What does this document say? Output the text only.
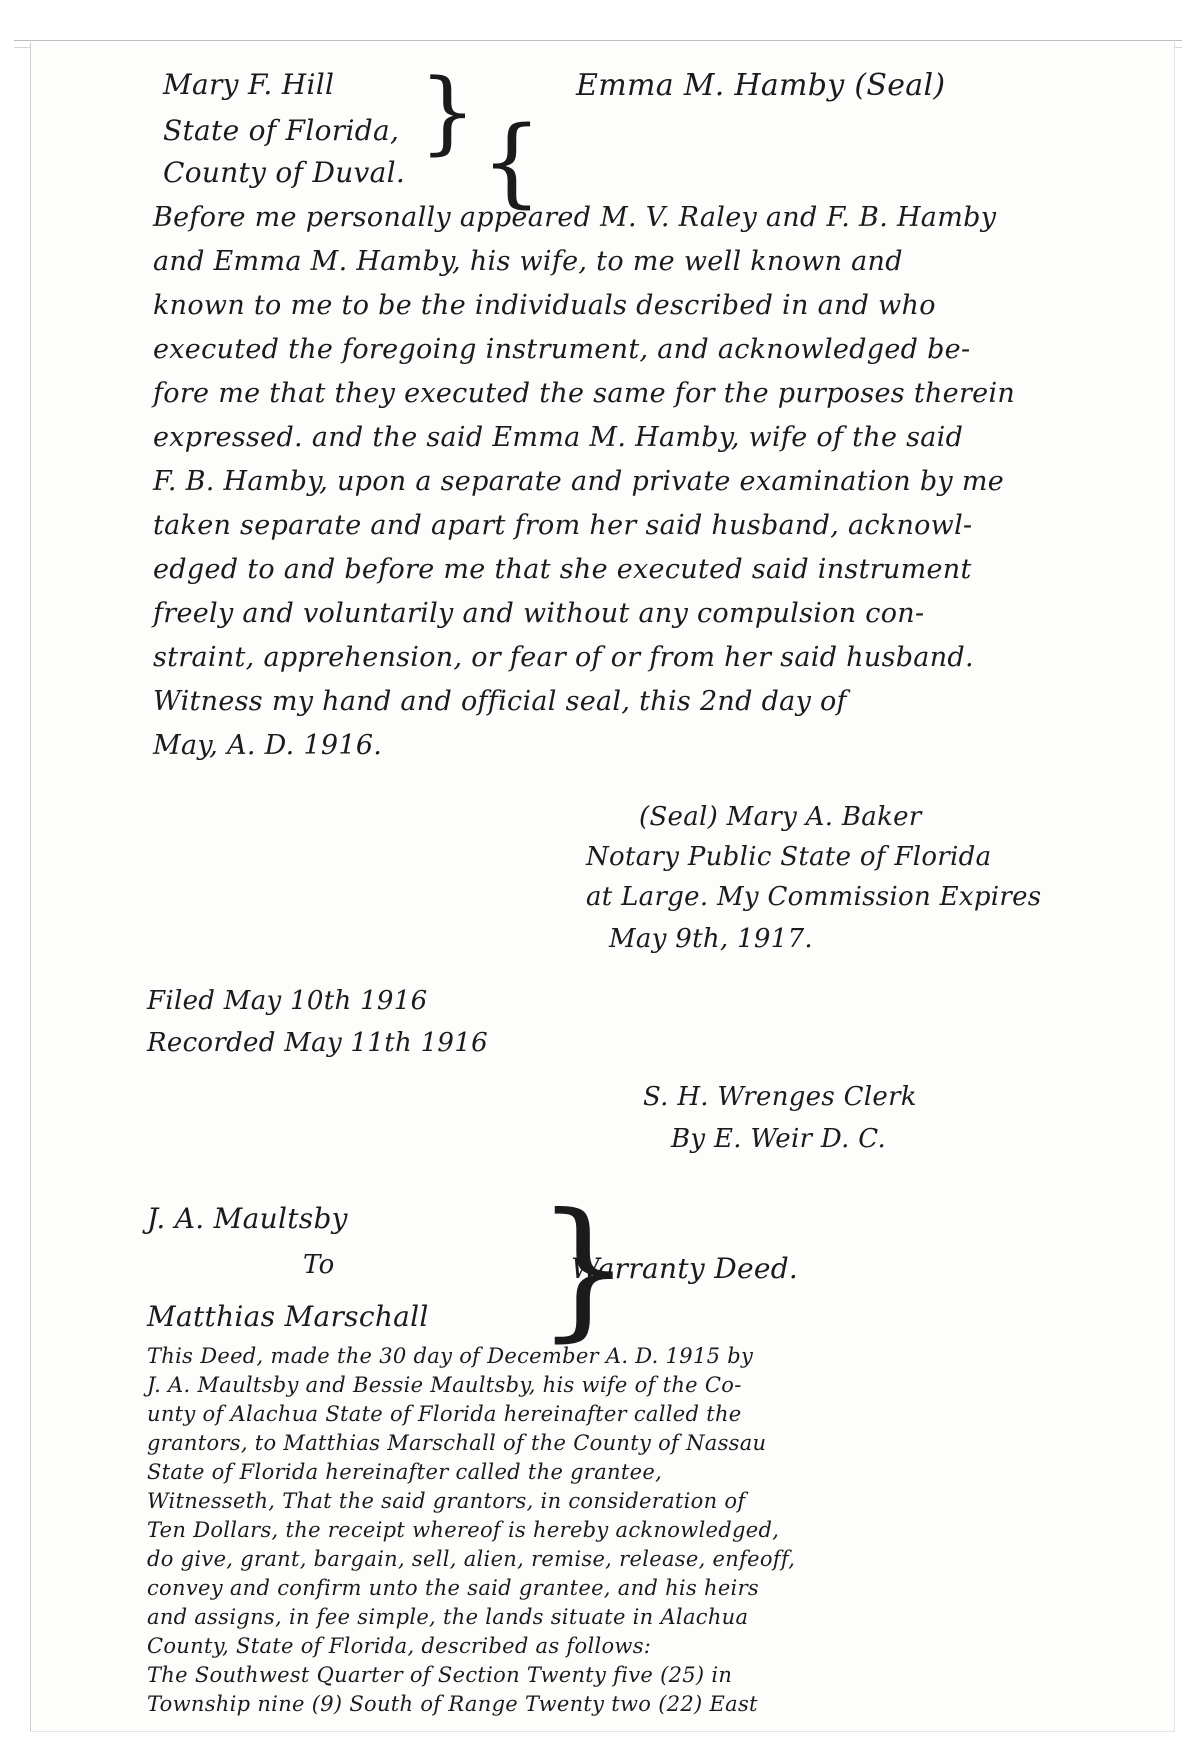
Mary F. Hill	Emma M. Hamby (Seal)
State of Florida,
County of Duval.
} {
Before me personally appeared M. V. Raley and F. B. Hamby
and Emma M. Hamby, his wife, to me well known and
known to me to be the individuals described in and who
executed the foregoing instrument, and acknowledged be-
fore me that they executed the same for the purposes therein
expressed. and the said Emma M. Hamby, wife of the said
F. B. Hamby, upon a separate and private examination by me
taken separate and apart from her said husband, acknowl-
edged to and before me that she executed said instrument
freely and voluntarily and without any compulsion con-
straint, apprehension, or fear of or from her said husband.
Witness my hand and official seal, this 2nd day of
May, A. D. 1916.
(Seal) Mary A. Baker
Notary Public State of Florida
at Large. My Commission Expires
May 9th, 1917.
Filed May 10th 1916
Recorded May 11th 1916
S. H. Wrenges Clerk
By E. Weir D. C.
J. A. Maultsby
To
Matthias Marschall
Warranty Deed.
}
This Deed, made the 30 day of December A. D. 1915 by
J. A. Maultsby and Bessie Maultsby, his wife of the Co-
unty of Alachua State of Florida hereinafter called the
grantors, to Matthias Marschall of the County of Nassau
State of Florida hereinafter called the grantee,
Witnesseth, That the said grantors, in consideration of
Ten Dollars, the receipt whereof is hereby acknowledged,
do give, grant, bargain, sell, alien, remise, release, enfeoff,
convey and confirm unto the said grantee, and his heirs
and assigns, in fee simple, the lands situate in Alachua
County, State of Florida, described as follows:
The Southwest Quarter of Section Twenty five (25) in
Township nine (9) South of Range Twenty two (22) East
